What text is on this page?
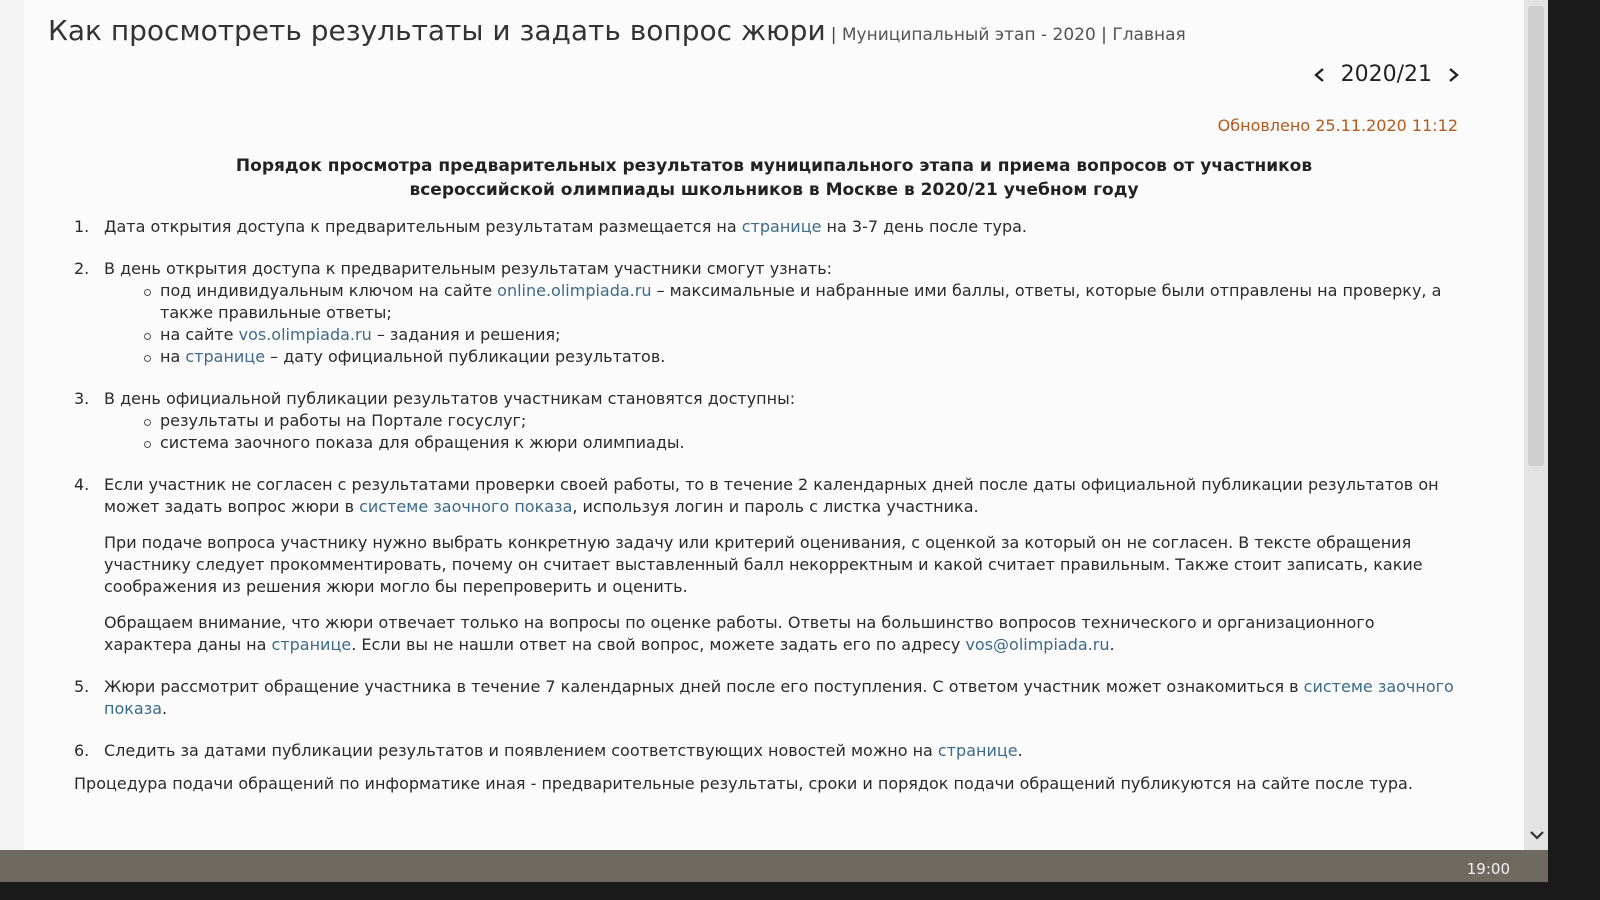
Как просмотреть результаты и задать вопрос жюри | Муниципальный этап - 2020 | Главная
2020/21
Обновлено 25.11.2020 11:12
Порядок просмотра предварительных результатов муниципального этапа и приема вопросов от участников
всероссийской олимпиады школьников в Москве в 2020/21 учебном году
1. Дата открытия доступа к предварительным результатам размещается на странице на 3-7 день после тура.
2. В день открытия доступа к предварительным результатам участники смогут узнать:
под индивидуальным ключом на сайте online.olimpiada.ru – максимальные и набранные ими баллы, ответы, которые были отправлены на проверку, а также правильные ответы;
на сайте vos.olimpiada.ru – задания и решения;
на странице – дату официальной публикации результатов.
3. В день официальной публикации результатов участникам становятся доступны:
результаты и работы на Портале госуслуг;
система заочного показа для обращения к жюри олимпиады.
4. Если участник не согласен с результатами проверки своей работы, то в течение 2 календарных дней после даты официальной публикации результатов он может задать вопрос жюри в системе заочного показа, используя логин и пароль с листка участника.

При подаче вопроса участнику нужно выбрать конкретную задачу или критерий оценивания, с оценкой за который он не согласен. В тексте обращения участнику следует прокомментировать, почему он считает выставленный балл некорректным и какой считает правильным. Также стоит записать, какие соображения из решения жюри могло бы перепроверить и оценить.

Обращаем внимание, что жюри отвечает только на вопросы по оценке работы. Ответы на большинство вопросов технического и организационного характера даны на странице. Если вы не нашли ответ на свой вопрос, можете задать его по адресу vos@olimpiada.ru.

5. Жюри рассмотрит обращение участника в течение 7 календарных дней после его поступления. С ответом участник может ознакомиться в системе заочного показа.
6. Следить за датами публикации результатов и появлением соответствующих новостей можно на странице.
Процедура подачи обращений по информатике иная - предварительные результаты, сроки и порядок подачи обращений публикуются на сайте после тура.
19:00
